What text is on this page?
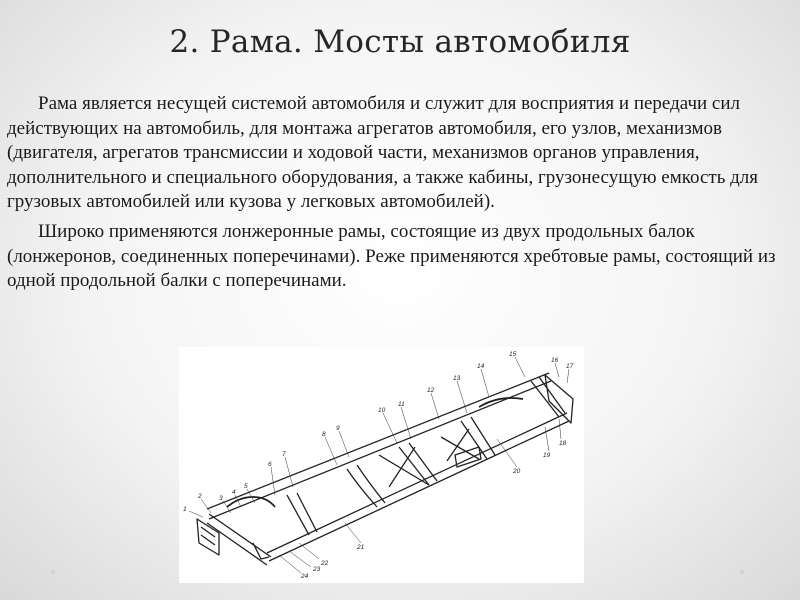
2. Рама. Мосты автомобиля

Рама является несущей системой автомобиля и служит для восприятия и передачи сил действующих на автомобиль, для монтажа агрегатов автомобиля, его узлов, механизмов (двигателя, агрегатов трансмиссии и ходовой части, механизмов органов управления, дополнительного и специального оборудования, а также кабины, грузонесущую емкость для грузовых автомобилей или кузова у легковых автомобилей).

Широко применяются лонжеронные рамы, состоящие из двух продольных балок (лонжеронов, соединенных поперечинами). Реже применяются хребтовые рамы, состоящий из одной продольной балки с поперечинами.

1
2	3
4
5
6
7
8
9
10
11
12
13
14
15
16
17
18
19
20
21
22
23
24
◦	◦
